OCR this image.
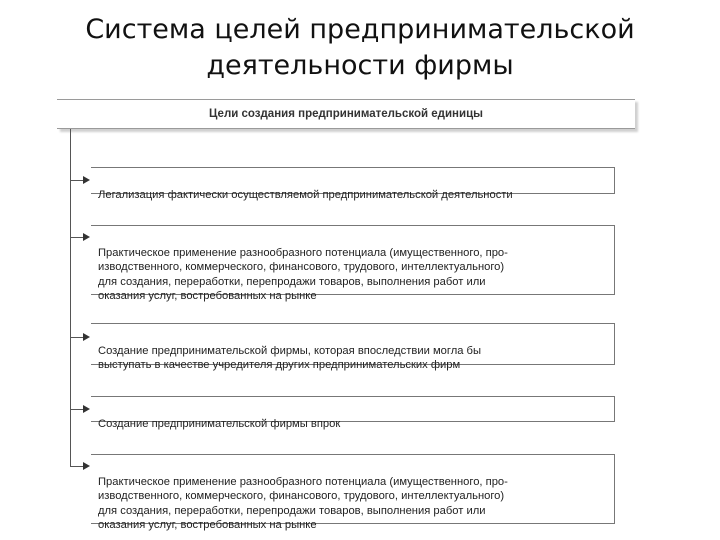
Система целей предпринимательской
деятельности фирмы
Цели создания предпринимательской единицы

Легализация фактически осуществляемой предпринимательской деятельности

Практическое применение разнообразного потенциала (имущественного, про-
изводственного, коммерческого, финансового, трудового, интеллектуального)
для создания, переработки, перепродажи товаров, выполнения работ или
оказания услуг, востребованных на рынке

Создание предпринимательской фирмы, которая впоследствии могла бы
выступать в качестве учредителя других предпринимательских фирм

Создание предпринимательской фирмы впрок

Практическое применение разнообразного потенциала (имущественного, про-
изводственного, коммерческого, финансового, трудового, интеллектуального)
для создания, переработки, перепродажи товаров, выполнения работ или
оказания услуг, востребованных на рынке
